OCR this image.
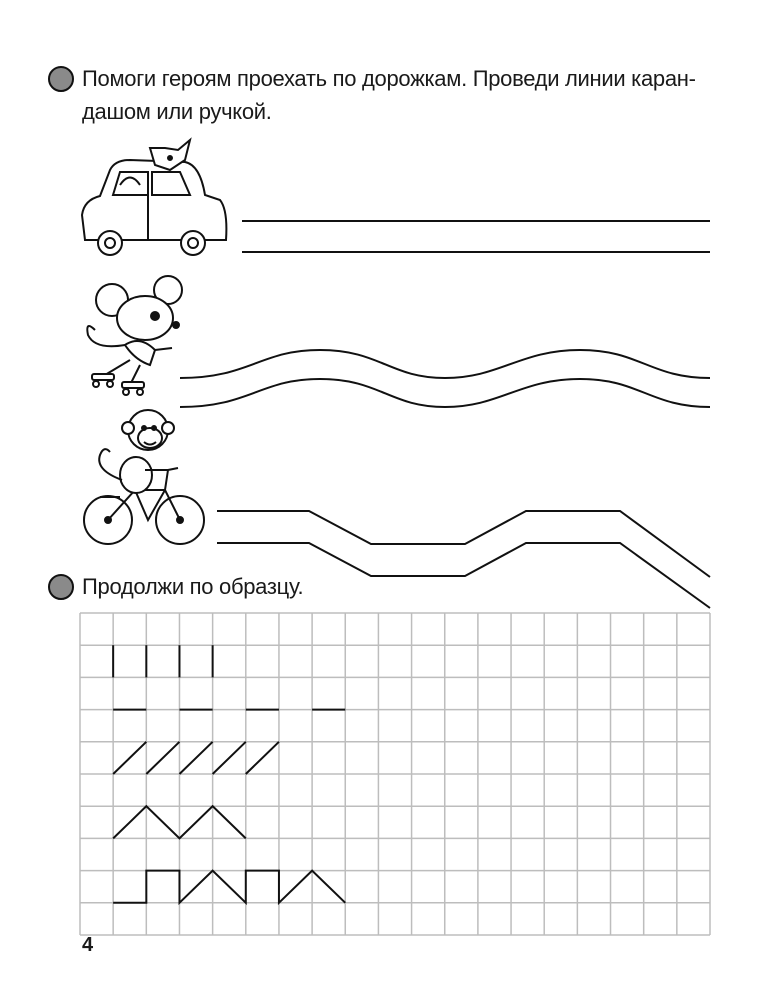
Помоги героям проехать по дорожкам. Проведи линии каран-
дашом или ручкой.
Продолжи по образцу.
4
